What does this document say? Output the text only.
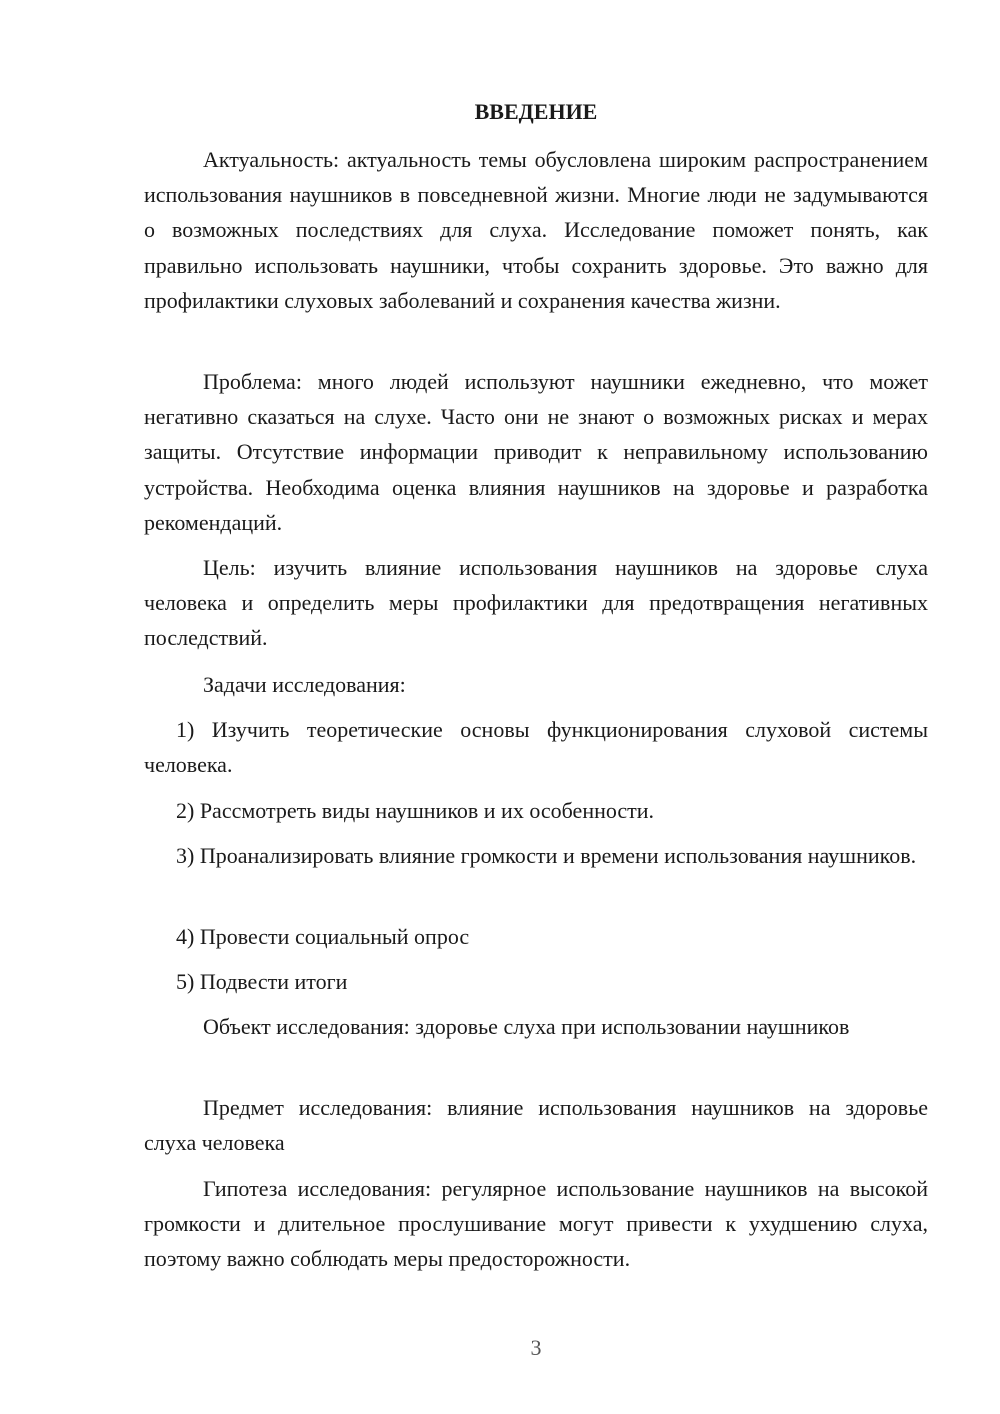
ВВЕДЕНИЕ

Актуальность: актуальность темы обусловлена широким распространением использования наушников в повседневной жизни. Многие люди не задумываются о возможных последствиях для слуха. Исследование поможет понять, как правильно использовать наушники, чтобы сохранить здоровье. Это важно для профилактики слуховых заболеваний и сохранения качества жизни.

Проблема: много людей используют наушники ежедневно, что может негативно сказаться на слухе. Часто они не знают о возможных рисках и мерах защиты. Отсутствие информации приводит к неправильному использованию устройства. Необходима оценка влияния наушников на здоровье и разработка рекомендаций.

Цель: изучить влияние использования наушников на здоровье слуха человека и определить меры профилактики для предотвращения негативных последствий.

Задачи исследования:

1) Изучить теоретические основы функционирования слуховой системы человека.

2) Рассмотреть виды наушников и их особенности.

3) Проанализировать влияние громкости и времени использования наушников.

4) Провести социальный опрос

5) Подвести итоги

Объект исследования: здоровье слуха при использовании наушников

Предмет исследования: влияние использования наушников на здоровье слуха человека

Гипотеза исследования: регулярное использование наушников на высокой громкости и длительное прослушивание могут привести к ухудшению слуха, поэтому важно соблюдать меры предосторожности.

3
